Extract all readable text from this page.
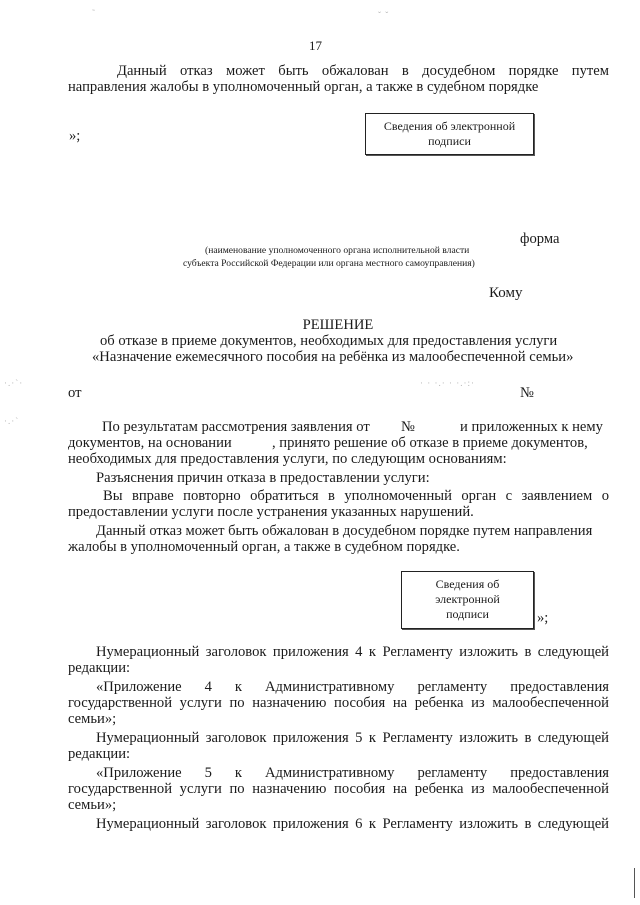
˜	ˇ ˇ
·.·`·
·.·`
· · ·.· · ·.·:·
17
Данный отказ может быть обжалован в досудебном порядке путем
направления жалобы в уполномоченный орган, а также в судебном порядке
»;
Сведения об электронной
подписи
форма
(наименование уполномоченного органа исполнительной власти
субъекта Российской Федерации или органа местного самоуправления)
Кому
РЕШЕНИЕ
об отказе в приеме документов, необходимых для предоставления услуги
«Назначение ежемесячного пособия на ребёнка из малообеспеченной семьи»
от	№
По результатам рассмотрения заявления от №	и приложенных к нему
документов, на основании	, принято решение об отказе в приеме документов,
необходимых для предоставления услуги, по следующим основаниям:
Разъяснения причин отказа в предоставлении услуги:
Вы вправе повторно обратиться в уполномоченный орган с заявлением о
предоставлении услуги после устранения указанных нарушений.
Данный отказ может быть обжалован в досудебном порядке путем направления
жалобы в уполномоченный орган, а также в судебном порядке.
Сведения об
электронной
подписи	»;
Нумерационный заголовок приложения 4 к Регламенту изложить в следующей
редакции:
«Приложение 4 к Административному регламенту предоставления
государственной услуги по назначению пособия на ребенка из малообеспеченной
семьи»;
Нумерационный заголовок приложения 5 к Регламенту изложить в следующей
редакции:
«Приложение 5 к Административному регламенту предоставления
государственной услуги по назначению пособия на ребенка из малообеспеченной
семьи»;
Нумерационный заголовок приложения 6 к Регламенту изложить в следующей
